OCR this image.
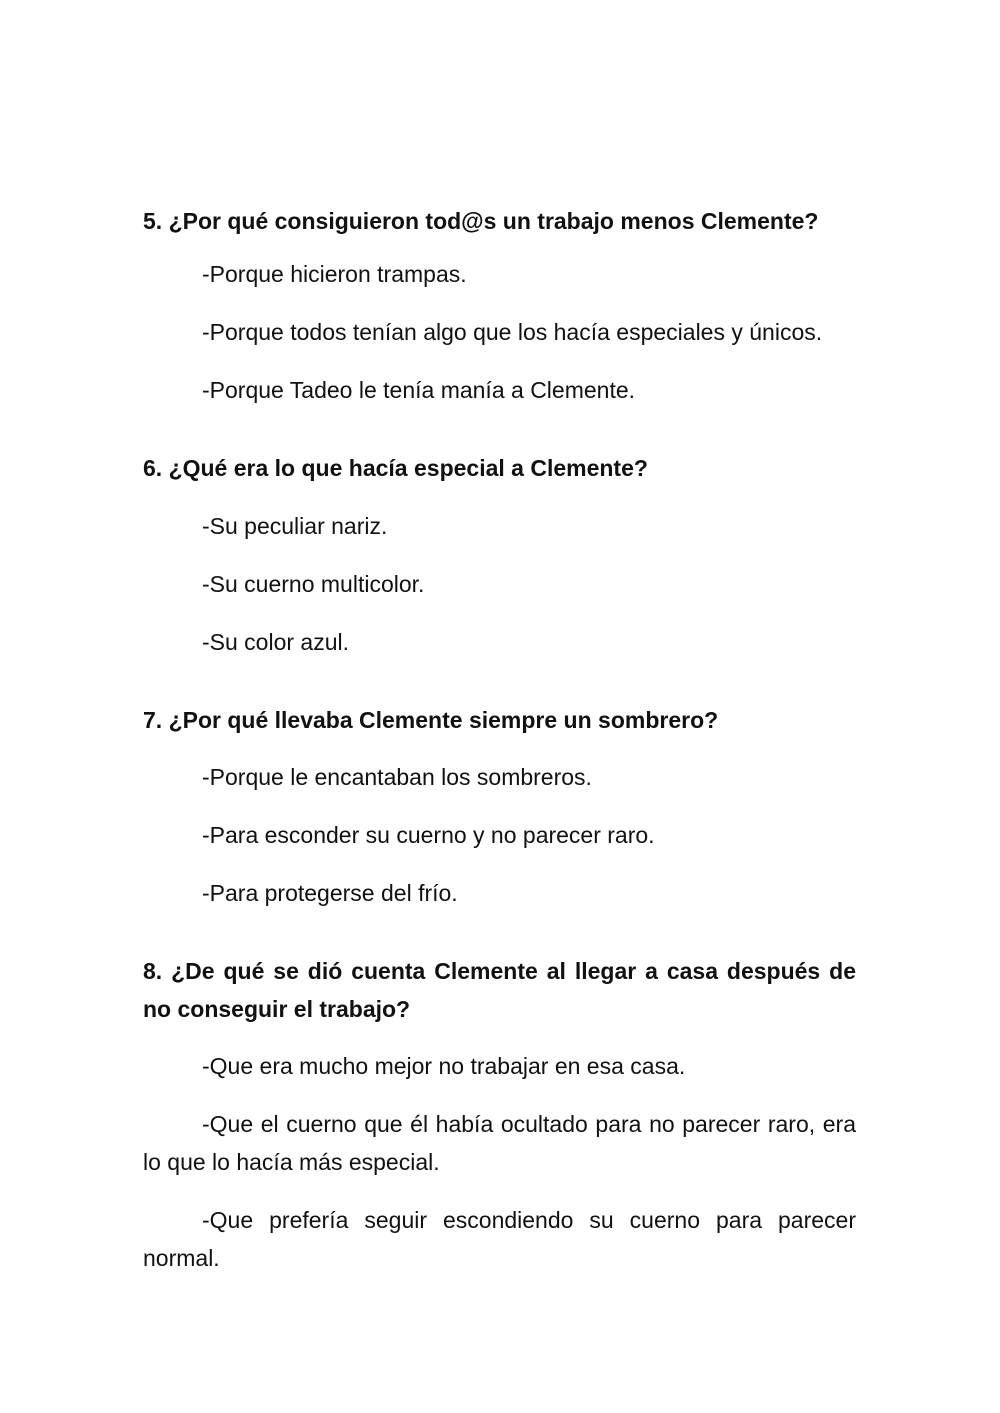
5. ¿Por qué consiguieron tod@s un trabajo menos Clemente?

-Porque hicieron trampas.

-Porque todos tenían algo que los hacía especiales y únicos.

-Porque Tadeo le tenía manía a Clemente.

6. ¿Qué era lo que hacía especial a Clemente?

-Su peculiar nariz.

-Su cuerno multicolor.

-Su color azul.

7. ¿Por qué llevaba Clemente siempre un sombrero?

-Porque le encantaban los sombreros.

-Para esconder su cuerno y no parecer raro.

-Para protegerse del frío.

8. ¿De qué se dió cuenta Clemente al llegar a casa después de no conseguir el trabajo?

-Que era mucho mejor no trabajar en esa casa.

-Que el cuerno que él había ocultado para no parecer raro, era lo que lo hacía más especial.

-Que prefería seguir escondiendo su cuerno para parecer normal.
